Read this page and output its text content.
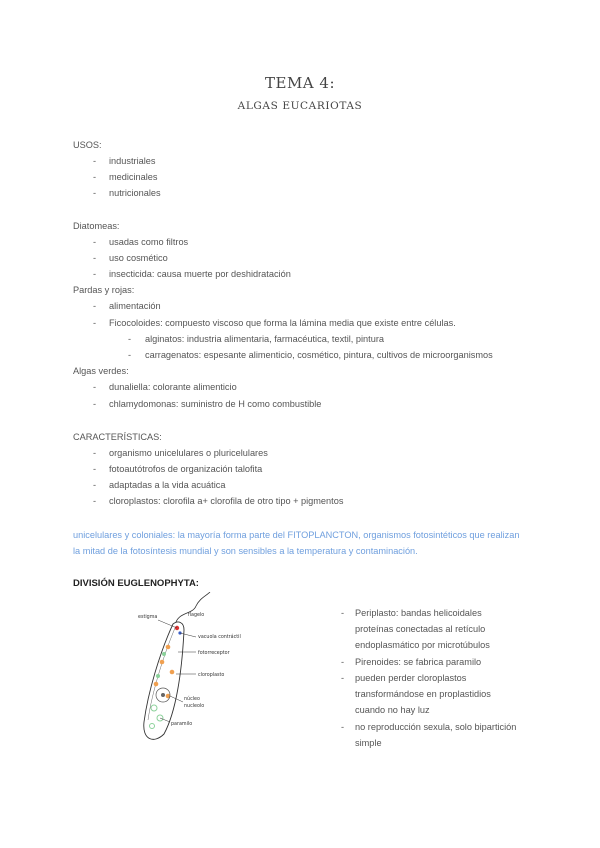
TEMA 4:
ALGAS EUCARIOTAS
USOS:
- industriales
- medicinales
- nutricionales
Diatomeas:
- usadas como filtros
- uso cosmético
- insecticida: causa muerte por deshidratación
Pardas y rojas:
- alimentación
- Ficocoloides: compuesto viscoso que forma la lámina media que existe entre células.
- alginatos: industria alimentaria, farmacéutica, textil, pintura
- carragenatos: espesante alimenticio, cosmético, pintura, cultivos de microorganismos
Algas verdes:
- dunaliella: colorante alimenticio
- chlamydomonas: suministro de H como combustible
CARACTERÍSTICAS:
- organismo unicelulares o pluricelulares
- fotoautótrofos de organización talofita
- adaptadas a la vida acuática
- cloroplastos: clorofila a+ clorofila de otro tipo + pigmentos
unicelulares y coloniales: la mayoría forma parte del FITOPLANCTON, organismos fotosintéticos que realizan
la mitad de la fotosíntesis mundial y son sensibles a la temperatura y contaminación.
DIVISIÓN EUGLENOPHYTA:
estigma	flagelo
vacuola contráctil
fotorreceptor
cloroplasto
núcleo
nucleolo
paramilo
- Periplasto: bandas helicoidales
proteínas conectadas al retículo
endoplasmático por microtúbulos
- Pirenoides: se fabrica paramilo
- pueden perder cloroplastos
transformándose en proplastidios
cuando no hay luz
- no reproducción sexula, solo bipartición
simple
